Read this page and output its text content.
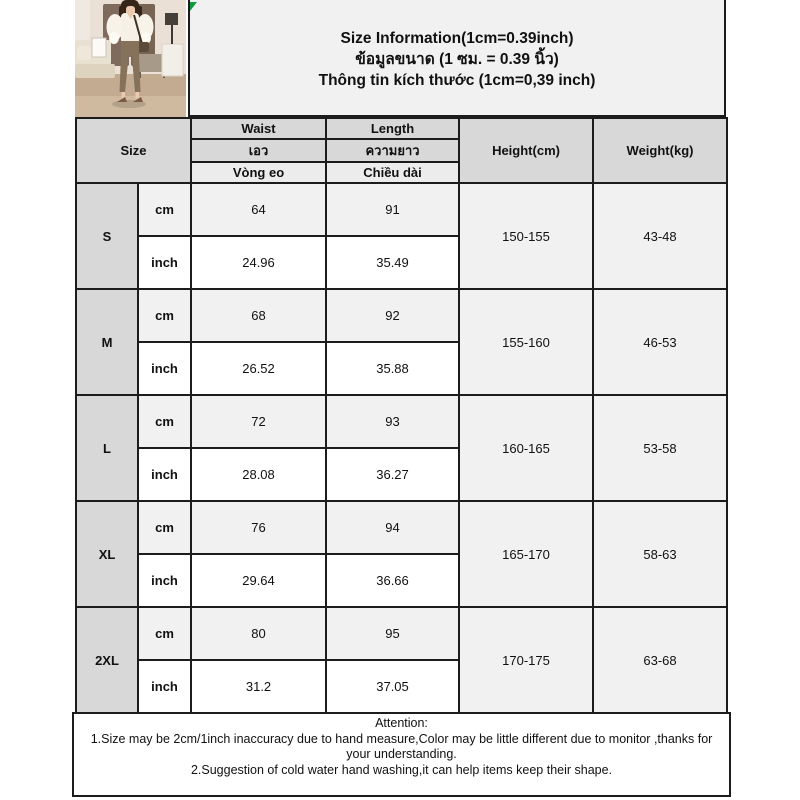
Size Information(1cm=0.39inch)
ข้อมูลขนาด (1 ซม. = 0.39 นิ้ว)
Thông tin kích thước (1cm=0,39 inch)
Size		Waist	Length	Height(cm)	Weight(kg)
		เอว	ความยาว		
		Vòng eo	Chiều dài		
S	cm	64	91	150-155	43-48
	inch	24.96	35.49		
M	cm	68	92	155-160	46-53
	inch	26.52	35.88		
L	cm	72	93	160-165	53-58
	inch	28.08	36.27		
XL	cm	76	94	165-170	58-63
	inch	29.64	36.66		
2XL	cm	80	95	170-175	63-68
	inch	31.2	37.05		
Attention:
1.Size may be 2cm/1inch inaccuracy due to hand measure,Color may be little different due to monitor ,thanks for your understanding.
2.Suggestion of cold water hand washing,it can help items keep their shape.
